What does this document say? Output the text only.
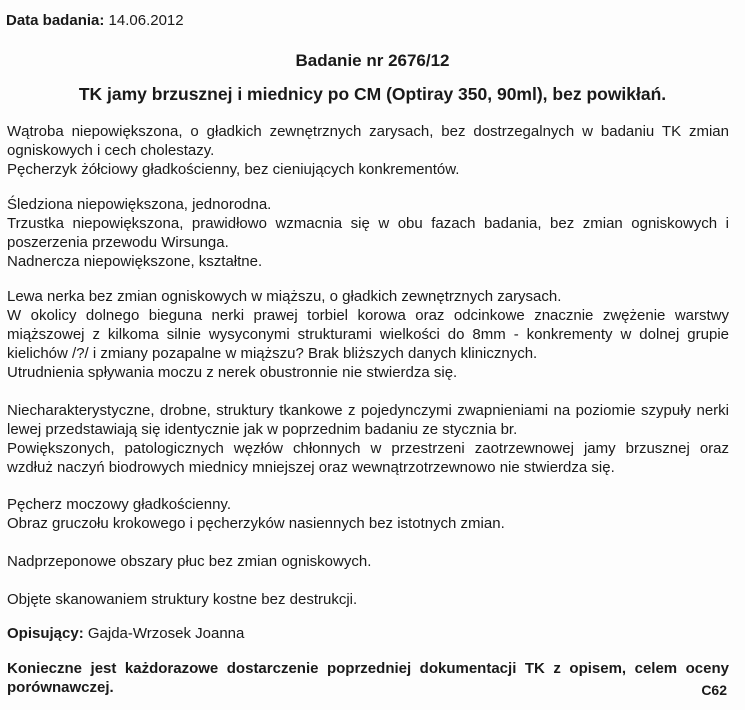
Data badania: 14.06.2012
Badanie nr 2676/12
TK jamy brzusznej i miednicy po CM (Optiray 350, 90ml), bez powikłań.
Wątroba niepowiększona, o gładkich zewnętrznych zarysach, bez dostrzegalnych w badaniu TK zmian
ogniskowych i cech cholestazy.
Pęcherzyk żółciowy gładkościenny, bez cieniujących konkrementów.
Śledziona niepowiększona, jednorodna.
Trzustka niepowiększona, prawidłowo wzmacnia się w obu fazach badania, bez zmian ogniskowych i
poszerzenia przewodu Wirsunga.
Nadnercza niepowiększone, kształtne.
Lewa nerka bez zmian ogniskowych w miąższu, o gładkich zewnętrznych zarysach.
W okolicy dolnego bieguna nerki prawej torbiel korowa oraz odcinkowe znacznie zwężenie warstwy
miąższowej z kilkoma silnie wysyconymi strukturami wielkości do 8mm - konkrementy w dolnej grupie
kielichów /?/ i zmiany pozapalne w miąższu? Brak bliższych danych klinicznych.
Utrudnienia spływania moczu z nerek obustronnie nie stwierdza się.
Niecharakterystyczne, drobne, struktury tkankowe z pojedynczymi zwapnieniami na poziomie szypuły nerki
lewej przedstawiają się identycznie jak w poprzednim badaniu ze stycznia br.
Powiększonych, patologicznych węzłów chłonnych w przestrzeni zaotrzewnowej jamy brzusznej oraz
wzdłuż naczyń biodrowych miednicy mniejszej oraz wewnątrzotrzewnowo nie stwierdza się.
Pęcherz moczowy gładkościenny.
Obraz gruczołu krokowego i pęcherzyków nasiennych bez istotnych zmian.
Nadprzeponowe obszary płuc bez zmian ogniskowych.
Objęte skanowaniem struktury kostne bez destrukcji.
Opisujący: Gajda-Wrzosek Joanna
Konieczne jest każdorazowe dostarczenie poprzedniej dokumentacji TK z opisem, celem oceny
porównawczej.	C62
